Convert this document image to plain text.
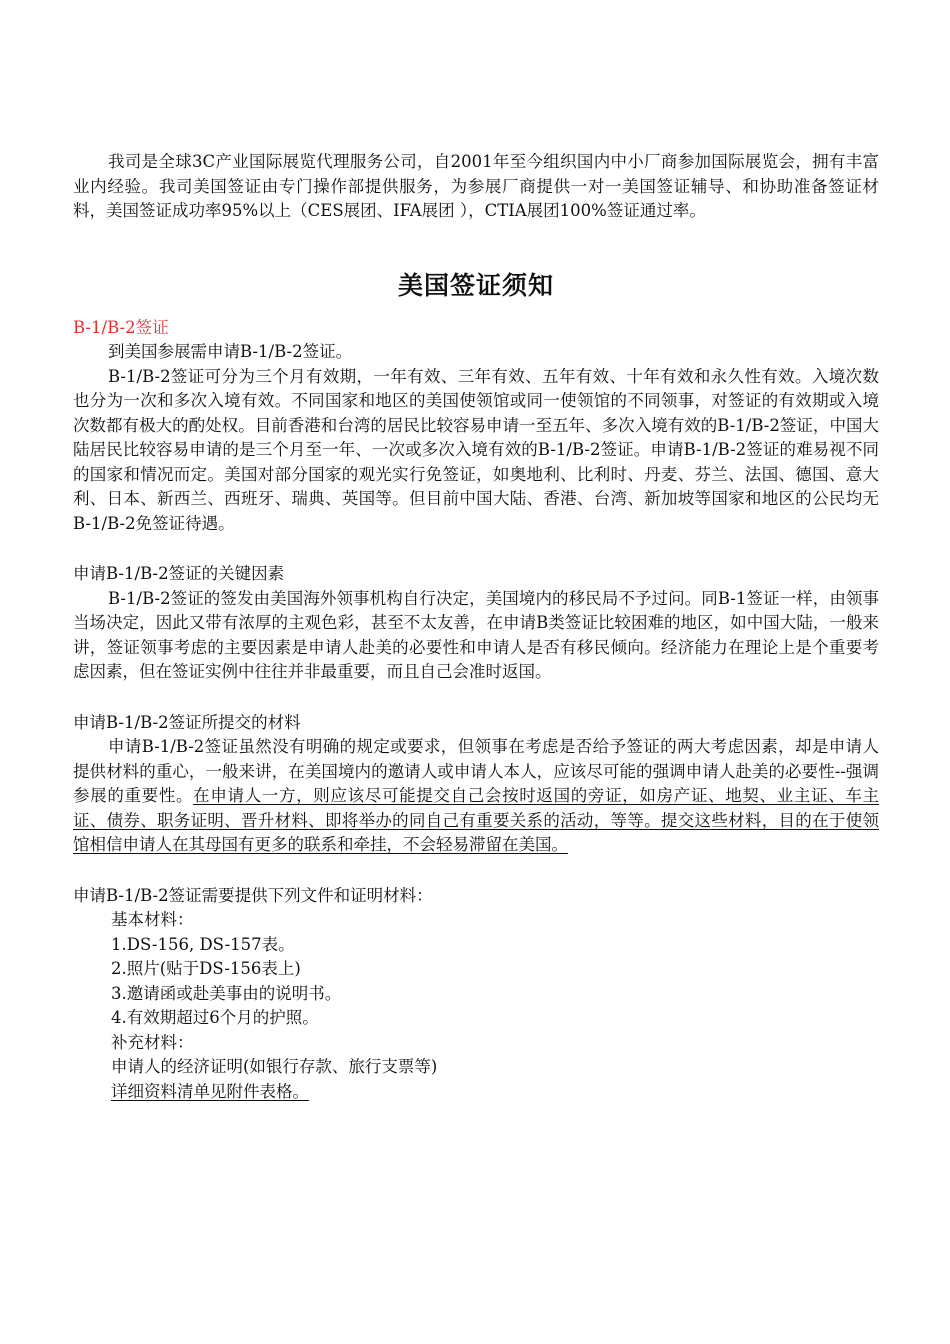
我司是全球3C产业国际展览代理服务公司，自2001年至今组织国内中小厂商参加国际展览会，拥有丰富业内经验。我司美国签证由专门操作部提供服务，为参展厂商提供一对一美国签证辅导、和协助准备签证材料，美国签证成功率95%以上（CES展团、IFA展团 ），CTIA展团100%签证通过率。

美国签证须知

B-1/B-2签证

到美国参展需申请B-1/B-2签证。

B-1/B-2签证可分为三个月有效期，一年有效、三年有效、五年有效、十年有效和永久性有效。入境次数也分为一次和多次入境有效。不同国家和地区的美国使领馆或同一使领馆的不同领事，对签证的有效期或入境次数都有极大的酌处权。目前香港和台湾的居民比较容易申请一至五年、多次入境有效的B-1/B-2签证，中国大陆居民比较容易申请的是三个月至一年、一次或多次入境有效的B-1/B-2签证。申请B-1/B-2签证的难易视不同的国家和情况而定。美国对部分国家的观光实行免签证，如奥地利、比利时、丹麦、芬兰、法国、德国、意大利、日本、新西兰、西班牙、瑞典、英国等。但目前中国大陆、香港、台湾、新加坡等国家和地区的公民均无B-1/B-2免签证待遇。

申请B-1/B-2签证的关键因素

B-1/B-2签证的签发由美国海外领事机构自行决定，美国境内的移民局不予过问。同B-1签证一样，由领事当场决定，因此又带有浓厚的主观色彩，甚至不太友善，在申请B类签证比较困难的地区，如中国大陆，一般来讲，签证领事考虑的主要因素是申请人赴美的必要性和申请人是否有移民倾向。经济能力在理论上是个重要考虑因素，但在签证实例中往往并非最重要，而且自己会准时返国。

申请B-1/B-2签证所提交的材料

申请B-1/B-2签证虽然没有明确的规定或要求，但领事在考虑是否给予签证的两大考虑因素，却是申请人提供材料的重心，一般来讲，在美国境内的邀请人或申请人本人，应该尽可能的强调申请人赴美的必要性--强调参展的重要性。在申请人一方，则应该尽可能提交自己会按时返国的旁证，如房产证、地契、业主证、车主证、债券、职务证明、晋升材料、即将举办的同自己有重要关系的活动，等等。提交这些材料，目的在于使领馆相信申请人在其母国有更多的联系和牵挂，不会轻易滞留在美国。

申请B-1/B-2签证需要提供下列文件和证明材料：

基本材料：

1.DS-156, DS-157表。

2.照片(贴于DS-156表上)

3.邀请函或赴美事由的说明书。

4.有效期超过6个月的护照。

补充材料：

申请人的经济证明(如银行存款、旅行支票等)

详细资料清单见附件表格。
